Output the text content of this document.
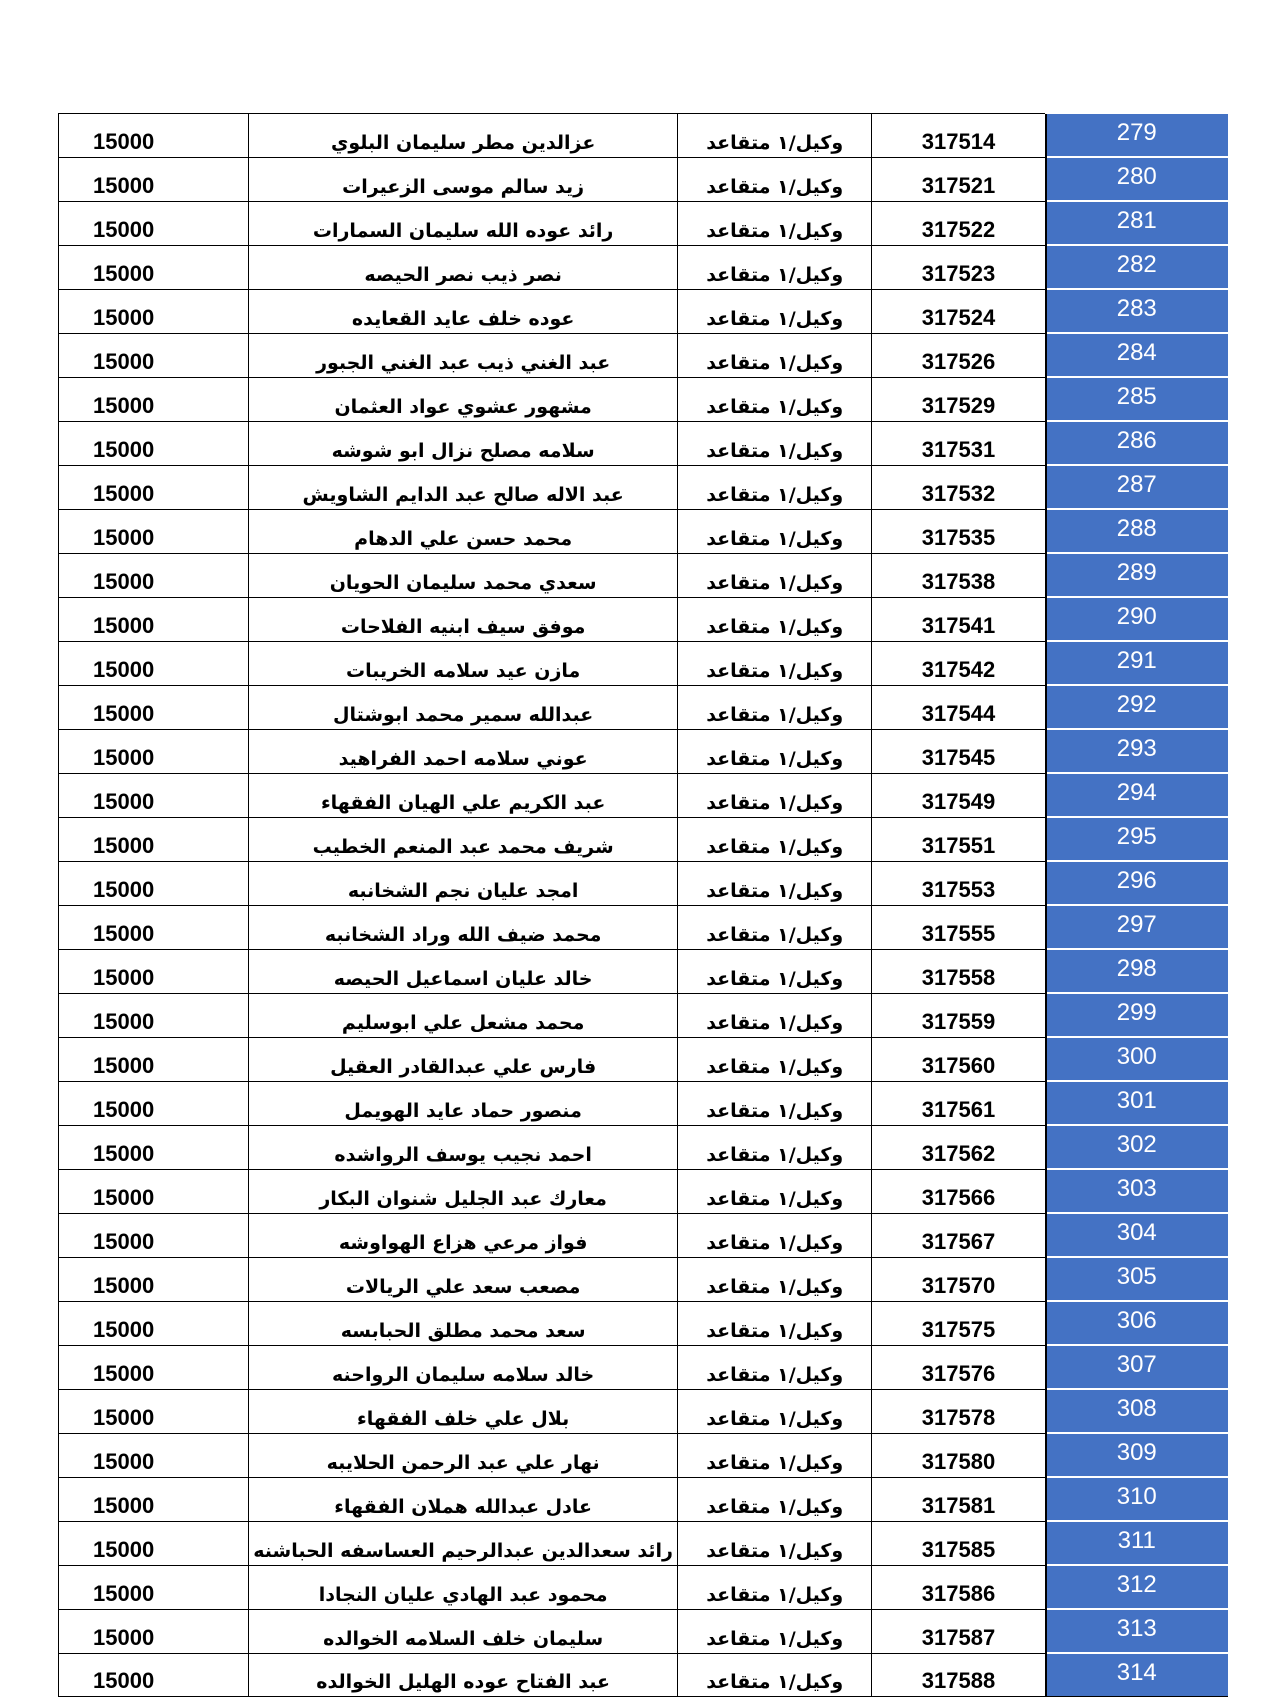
15000	عزالدين مطر سليمان البلوي	وكيل/١ متقاعد	317514	279
15000	زيد سالم موسى الزعيرات	وكيل/١ متقاعد	317521	280
15000	رائد عوده الله سليمان السمارات	وكيل/١ متقاعد	317522	281
15000	نصر ذيب نصر الحيصه	وكيل/١ متقاعد	317523	282
15000	عوده خلف عايد القعايده	وكيل/١ متقاعد	317524	283
15000	عبد الغني ذيب عبد الغني الجبور	وكيل/١ متقاعد	317526	284
15000	مشهور عشوي عواد العثمان	وكيل/١ متقاعد	317529	285
15000	سلامه مصلح نزال ابو شوشه	وكيل/١ متقاعد	317531	286
15000	عبد الاله صالح عبد الدايم الشاويش	وكيل/١ متقاعد	317532	287
15000	محمد حسن علي الدهام	وكيل/١ متقاعد	317535	288
15000	سعدي محمد سليمان الحويان	وكيل/١ متقاعد	317538	289
15000	موفق سيف ابنيه الفلاحات	وكيل/١ متقاعد	317541	290
15000	مازن عيد سلامه الخريبات	وكيل/١ متقاعد	317542	291
15000	عبدالله سمير محمد ابوشتال	وكيل/١ متقاعد	317544	292
15000	عوني سلامه احمد الفراهيد	وكيل/١ متقاعد	317545	293
15000	عبد الكريم علي الهيان الفقهاء	وكيل/١ متقاعد	317549	294
15000	شريف محمد عبد المنعم الخطيب	وكيل/١ متقاعد	317551	295
15000	امجد عليان نجم الشخانبه	وكيل/١ متقاعد	317553	296
15000	محمد ضيف الله وراد الشخانبه	وكيل/١ متقاعد	317555	297
15000	خالد عليان اسماعيل الحيصه	وكيل/١ متقاعد	317558	298
15000	محمد مشعل علي ابوسليم	وكيل/١ متقاعد	317559	299
15000	فارس علي عبدالقادر العقيل	وكيل/١ متقاعد	317560	300
15000	منصور حماد عايد الهويمل	وكيل/١ متقاعد	317561	301
15000	احمد نجيب يوسف الرواشده	وكيل/١ متقاعد	317562	302
15000	معارك عبد الجليل شنوان البكار	وكيل/١ متقاعد	317566	303
15000	فواز مرعي هزاع الهواوشه	وكيل/١ متقاعد	317567	304
15000	مصعب سعد علي الريالات	وكيل/١ متقاعد	317570	305
15000	سعد محمد مطلق الحبابسه	وكيل/١ متقاعد	317575	306
15000	خالد سلامه سليمان الرواحنه	وكيل/١ متقاعد	317576	307
15000	بلال علي خلف الفقهاء	وكيل/١ متقاعد	317578	308
15000	نهار علي عبد الرحمن الحلايبه	وكيل/١ متقاعد	317580	309
15000	عادل عبدالله هملان الفقهاء	وكيل/١ متقاعد	317581	310
15000	رائد سعدالدين عبدالرحيم العساسفه الحباشنه	وكيل/١ متقاعد	317585	311
15000	محمود عبد الهادي عليان النجادا	وكيل/١ متقاعد	317586	312
15000	سليمان خلف السلامه الخوالده	وكيل/١ متقاعد	317587	313
15000	عبد الفتاح عوده الهليل الخوالده	وكيل/١ متقاعد	317588	314
